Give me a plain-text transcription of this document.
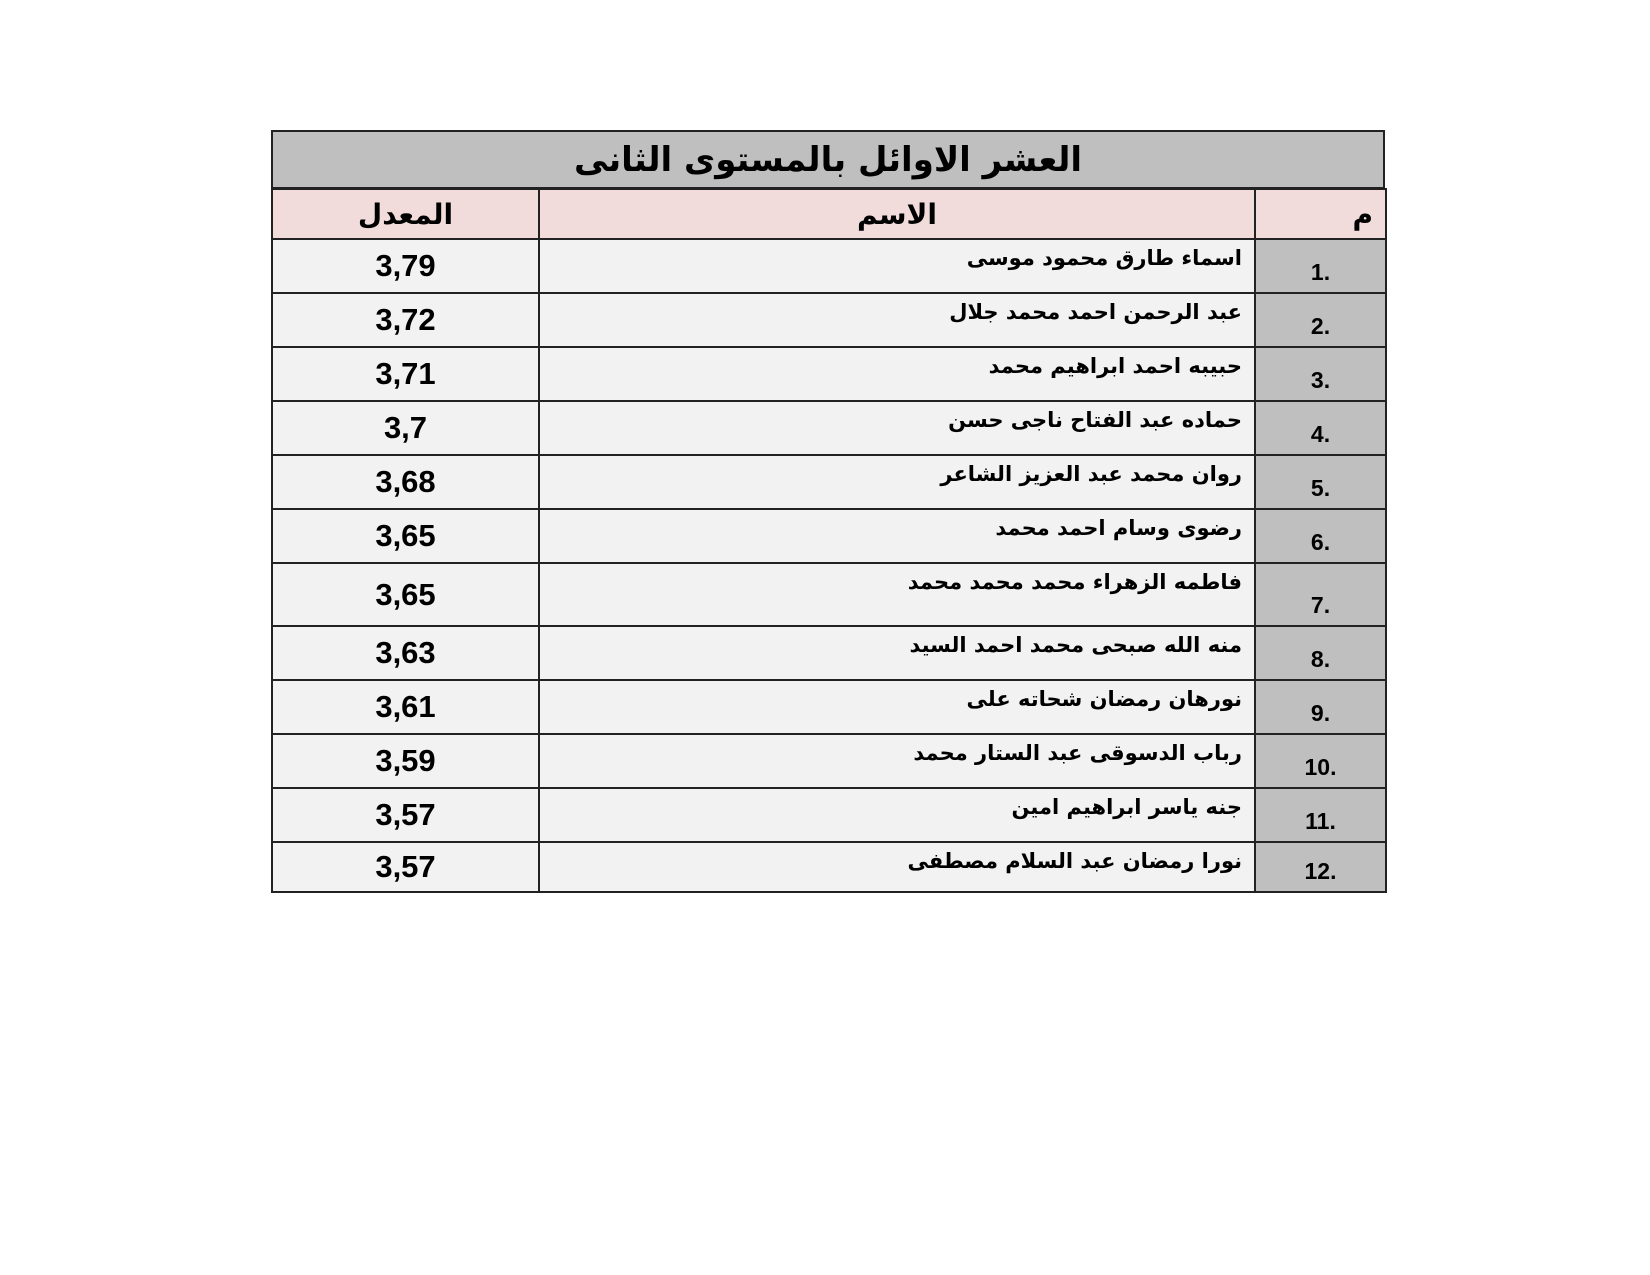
العشر الاوائل بالمستوى الثانى
المعدل	الاسم	م
3,79	اسماء طارق محمود موسى	1.
3,72	عبد الرحمن احمد محمد جلال	2.
3,71	حبيبه احمد ابراهيم محمد	3.
3,7	حماده عبد الفتاح ناجى حسن	4.
3,68	روان محمد عبد العزيز الشاعر	5.
3,65	رضوى وسام احمد محمد	6.
3,65	فاطمه الزهراء محمد محمد محمد	7.
3,63	منه الله صبحى محمد احمد السيد	8.
3,61	نورهان رمضان شحاته على	9.
3,59	رباب الدسوقى عبد الستار محمد	10.
3,57	جنه ياسر ابراهيم امين	11.
3,57	نورا رمضان عبد السلام مصطفى	12.
